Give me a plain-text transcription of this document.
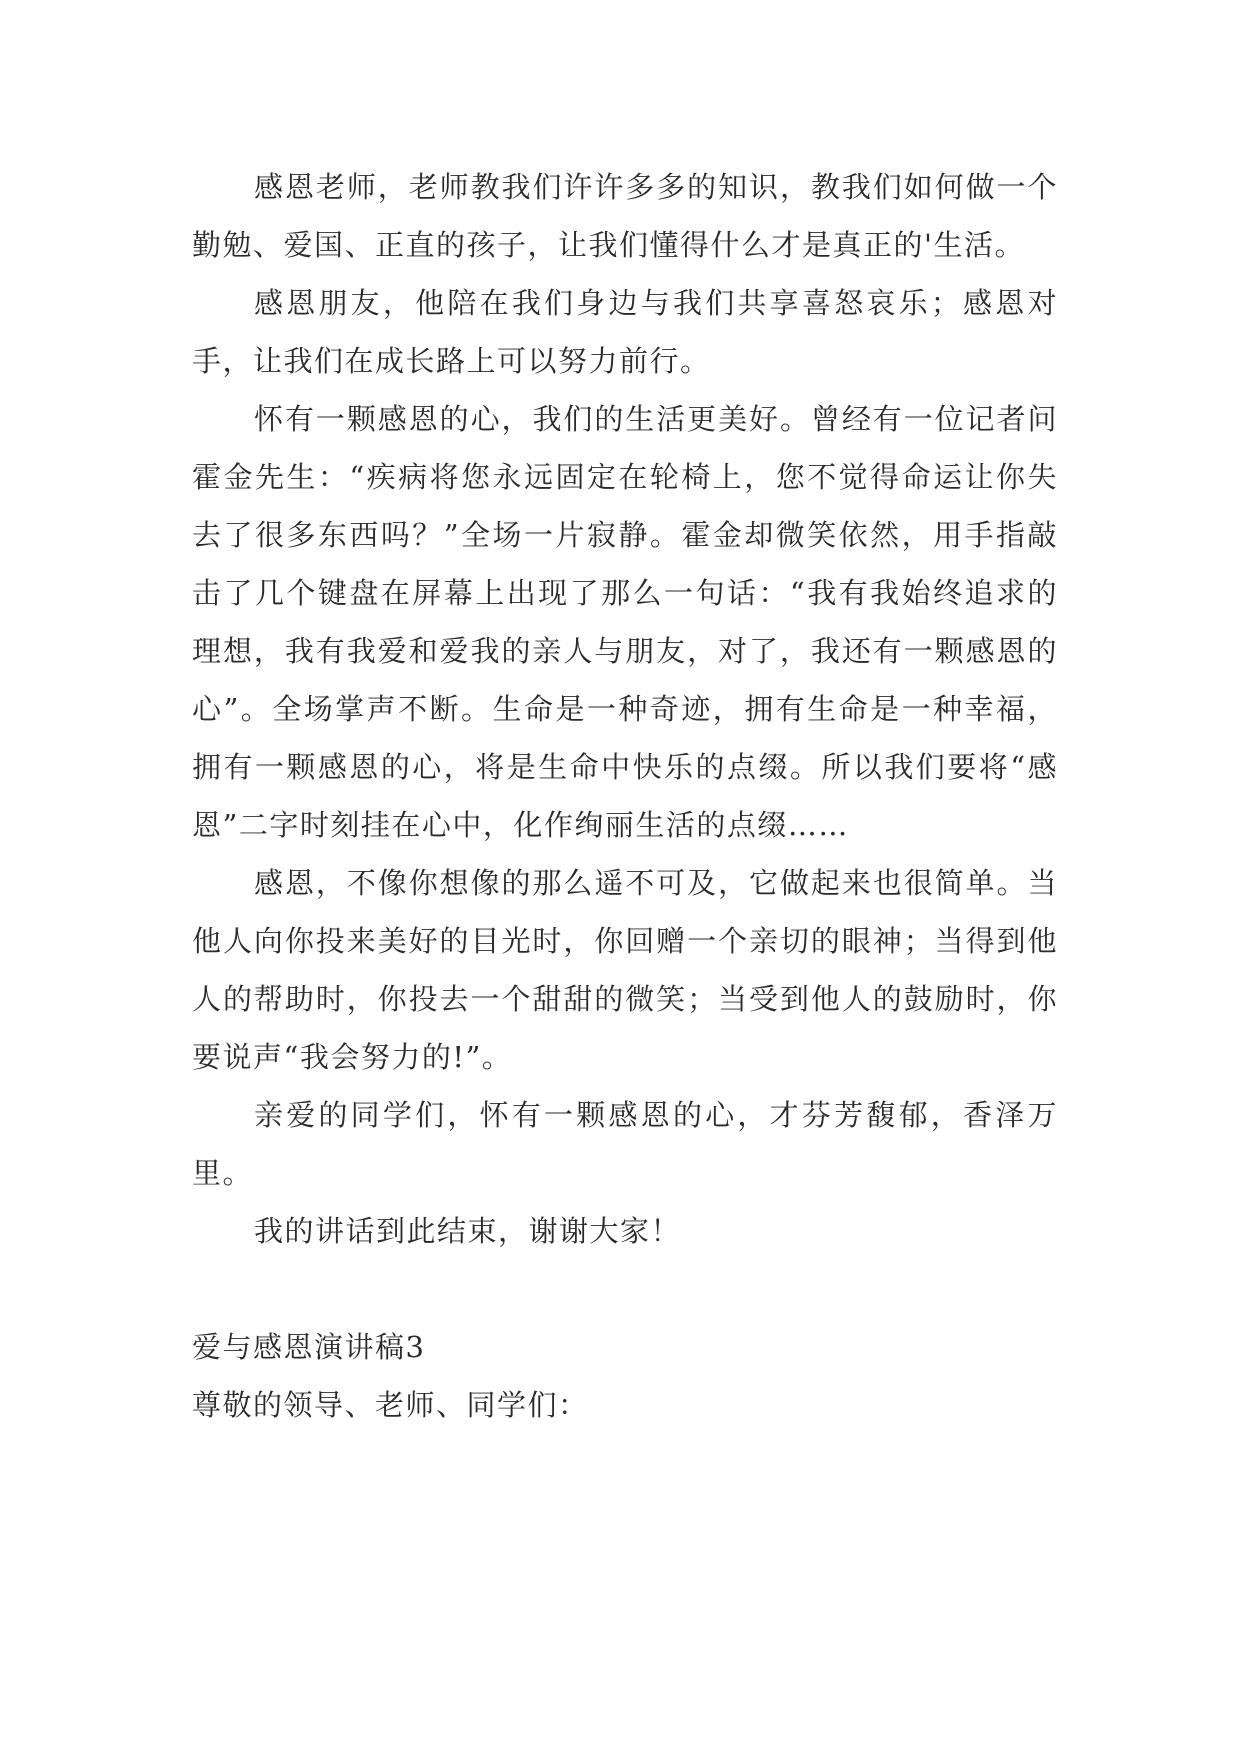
感恩老师，老师教我们许许多多的知识，教我们如何做一个勤勉、爱国、正直的孩子，让我们懂得什么才是真正的'生活。

感恩朋友，他陪在我们身边与我们共享喜怒哀乐；感恩对手，让我们在成长路上可以努力前行。

怀有一颗感恩的心，我们的生活更美好。曾经有一位记者问霍金先生：“疾病将您永远固定在轮椅上，您不觉得命运让你失去了很多东西吗？”全场一片寂静。霍金却微笑依然，用手指敲击了几个键盘在屏幕上出现了那么一句话：“我有我始终追求的理想，我有我爱和爱我的亲人与朋友，对了，我还有一颗感恩的心”。全场掌声不断。生命是一种奇迹，拥有生命是一种幸福，拥有一颗感恩的心，将是生命中快乐的点缀。所以我们要将“感恩”二字时刻挂在心中，化作绚丽生活的点缀……

感恩，不像你想像的那么遥不可及，它做起来也很简单。当他人向你投来美好的目光时，你回赠一个亲切的眼神；当得到他人的帮助时，你投去一个甜甜的微笑；当受到他人的鼓励时，你要说声“我会努力的!”。

亲爱的同学们，怀有一颗感恩的心，才芬芳馥郁，香泽万里。

我的讲话到此结束，谢谢大家！

爱与感恩演讲稿3

尊敬的领导、老师、同学们：
